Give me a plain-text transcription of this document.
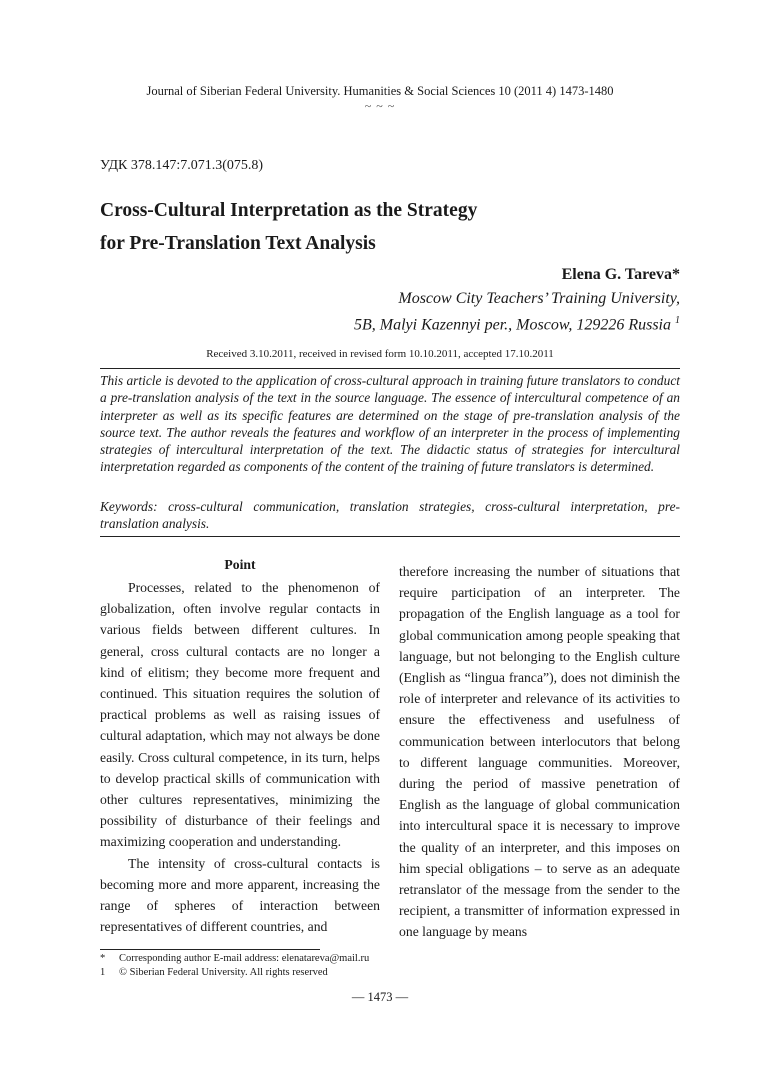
Journal of Siberian Federal University. Humanities & Social Sciences 10 (2011 4) 1473-1480
~ ~ ~
УДК 378.147:7.071.3(075.8)
Cross-Cultural Interpretation as the Strategy
for Pre-Translation Text Analysis
Elena G. Tareva*
Moscow City Teachers’ Training University,
5B, Malyi Kazennyi per., Moscow, 129226 Russia $^1$
Received 3.10.2011, received in revised form 10.10.2011, accepted 17.10.2011
This article is devoted to the application of cross-cultural approach in training future translators to conduct a pre-translation analysis of the text in the source language. The essence of intercultural competence of an interpreter as well as its specific features are determined on the stage of pre-translation analysis of the source text. The author reveals the features and workflow of an interpreter in the process of implementing strategies of intercultural interpretation of the text. The didactic status of strategies for intercultural interpretation regarded as components of the content of the training of future translators is determined.
Keywords: cross-cultural communication, translation strategies, cross-cultural interpretation, pre-translation analysis.
Point

Processes, related to the phenomenon of globalization, often involve regular contacts in various fields between different cultures. In general, cross cultural contacts are no longer a kind of elitism; they become more frequent and continued. This situation requires the solution of practical problems as well as raising issues of cultural adaptation, which may not always be done easily. Cross cultural competence, in its turn, helps to develop practical skills of communication with other cultures representatives, minimizing the possibility of disturbance of their feelings and maximizing cooperation and understanding.

The intensity of cross-cultural contacts is becoming more and more apparent, increasing the range of spheres of interaction between representatives of different countries, and

therefore increasing the number of situations that require participation of an interpreter. The propagation of the English language as a tool for global communication among people speaking that language, but not belonging to the English culture (English as “lingua franca”), does not diminish the role of interpreter and relevance of its activities to ensure the effectiveness and usefulness of communication between interlocutors that belong to different language communities. Moreover, during the period of massive penetration of English as the language of global communication into intercultural space it is necessary to improve the quality of an interpreter, and this imposes on him special obligations – to serve as an adequate retranslator of the message from the sender to the recipient, a transmitter of information expressed in one language by means

* Corresponding author E-mail address: elenatareva@mail.ru
1 © Siberian Federal University. All rights reserved
— 1473 —
